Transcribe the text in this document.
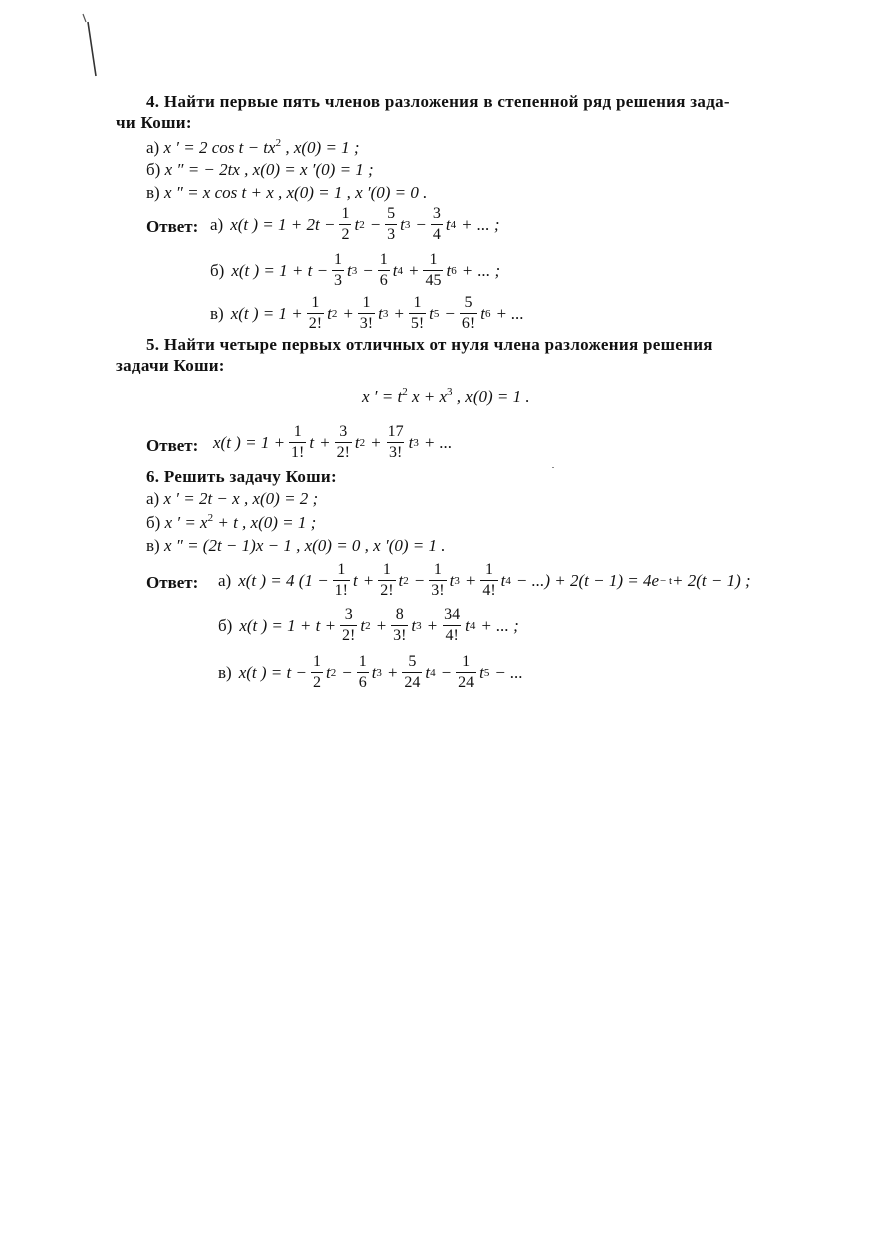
4. Найти первые пять членов разложения в степенной ряд решения зада-
чи Коши:
а) x ′ = 2 $\cos t - tx^2$ , x(0) = 1 ;
б) x ″ = − 2tx , x(0) = x ′(0) = 1 ;
в) x ″ = x cos t + x , x(0) = 1 , x ′(0) = 0 .
Ответ: а) x(t ) = $1 + 2t - \frac{1}{2}$ t $2 - \frac{5}{3}$ t $3 - \frac{3}{4}$ t 4 + ... ;
б) x(t ) = $1 + t - \frac{1}{3}$ t $3 - \frac{1}{6}$ t $4 + \frac{1}{45}$ t 6 + ... ;
в) x(t ) = $1 + \frac{1}{2!}$ t $2 + \frac{1}{3!}$ t $3 + \frac{1}{5!}$ t $5 - \frac{5}{6!}$ t 6 + ...
5. Найти четыре первых отличных от нуля члена разложения решения
задачи Коши:
x ′ = $t^2$ $x + x^3$ , x(0) = 1 .
Ответ: x(t ) = $1 + \frac{1}{1!}$ $t + \frac{3}{2!}$ t $2 + \frac{17}{3!}$ t 3 + ...
6. Решить задачу Коши:
а) x ′ = 2t − x , x(0) = 2 ;
б) x ′ = $x^2 + t$ , x(0) = 1 ;
в) x ″ = (2t − 1)x − 1 , x(0) = 0 , x ′(0) = 1 .
Ответ: а) x(t ) = 4 ($1 - \frac{1}{1!}$ $t + \frac{1}{2!}$ t $2 - \frac{1}{3!}$ t $3 + \frac{1}{4!}$ t 4 − ...) + 2(t − 1) = 4e − t + 2(t − 1) ;
б) x(t ) = $1 + t + \frac{3}{2!}$ t $2 + \frac{8}{3!}$ t $3 + \frac{34}{4!}$ t 4 + ... ;
в) x(t ) = $t - \frac{1}{2}$ t $2 - \frac{1}{6}$ t $3 + \frac{5}{24}$ t $4 - \frac{1}{24}$ t 5 − ...
